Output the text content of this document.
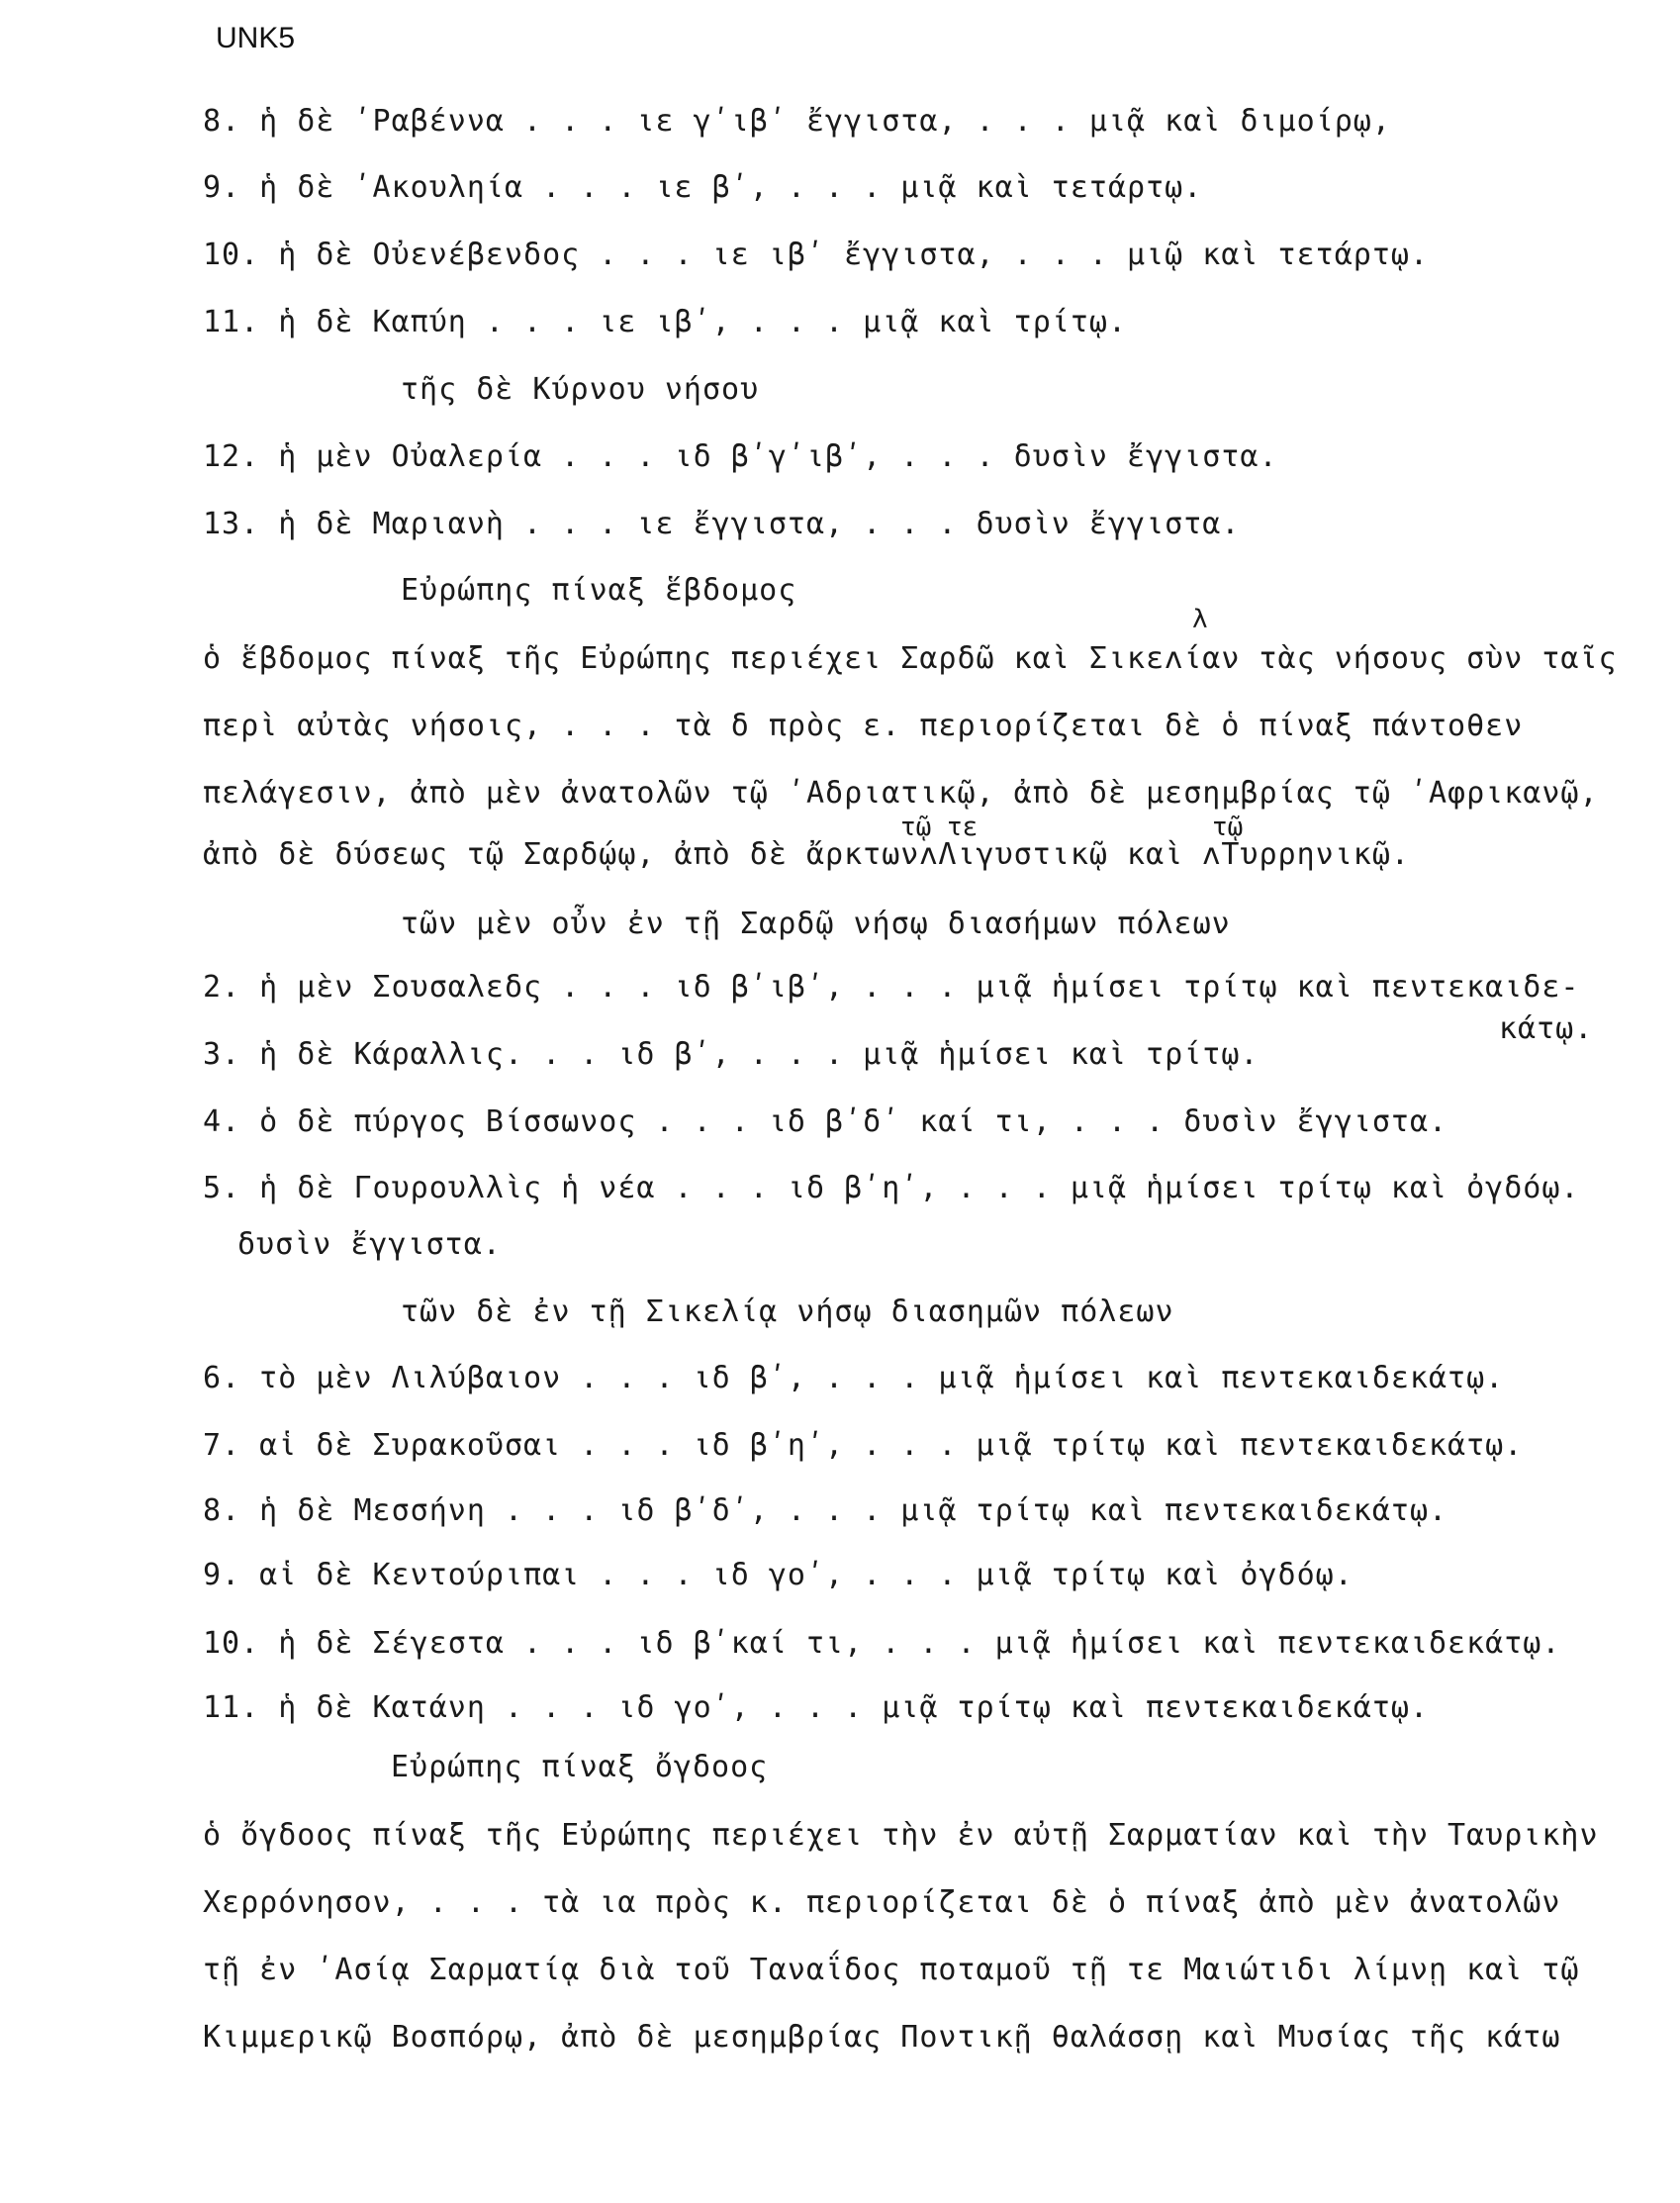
UNK5
8. ἡ δὲ ʹΡαβέννα . . . ιε γʹιβʹ ἔγγιστα, . . . μιᾷ καὶ διμοίρῳ,
9. ἡ δὲ ʹΑκουληία . . . ιε βʹ, . . . μιᾷ καὶ τετάρτῳ.
10. ἡ δὲ Οὐενέβενδος . . . ιε ιβʹ ἔγγιστα, . . . μιῷ καὶ τετάρτῳ.
11. ἡ δὲ Καπύη . . . ιε ιβʹ, . . . μιᾷ καὶ τρίτῳ.
τῆς δὲ Κύρνου νήσου
12. ἡ μὲν Οὐαλερία . . . ιδ βʹγʹιβʹ, . . . δυσὶν ἔγγιστα.
13. ἡ δὲ Μαριανὴ . . . ιε ἔγγιστα, . . . δυσὶν ἔγγιστα.
Εὐρώπης πίναξ ἕβδομος
λ
ὁ ἕβδομος πίναξ τῆς Εὐρώπης περιέχει Σαρδῶ καὶ Σικεʌίαν τὰς νήσους σὺν ταῖς
περὶ αὐτὰς νήσοις, . . . τὰ δ πρὸς ε. περιορίζεται δὲ ὁ πίναξ πάντοθεν
πελάγεσιν, ἀπὸ μὲν ἀνατολῶν τῷ ʹΑδριατικῷ, ἀπὸ δὲ μεσημβρίας τῷ ʹΑφρικανῷ,
τῷ τε	τῷ
ἀπὸ δὲ δύσεως τῷ Σαρδῴῳ, ἀπὸ δὲ ἄρκτωνʌΛιγυστικῷ καὶ ʌΤυρρηνικῷ.
τῶν μὲν οὖν ἐν τῇ Σαρδῷ νήσῳ διασήμων πόλεων
2. ἡ μὲν Σουσαλεδς . . . ιδ βʹιβʹ, . . . μιᾷ ἡμίσει τρίτῳ καὶ πεντεκαιδε-
κάτῳ.
3. ἡ δὲ Κάραλλις. . . ιδ βʹ, . . . μιᾷ ἡμίσει καὶ τρίτῳ.
4. ὁ δὲ πύργος Βίσσωνος . . . ιδ βʹδʹ καί τι, . . . δυσὶν ἔγγιστα.
5. ἡ δὲ Γουρουλλὶς ἡ νέα . . . ιδ βʹηʹ, . . . μιᾷ ἡμίσει τρίτῳ καὶ ὀγδόῳ.
δυσὶν ἔγγιστα.
τῶν δὲ ἐν τῇ Σικελίᾳ νήσῳ διασημῶν πόλεων
6. τὸ μὲν Λιλύβαιον . . . ιδ βʹ, . . . μιᾷ ἡμίσει καὶ πεντεκαιδεκάτῳ.
7. αἱ δὲ Συρακοῦσαι . . . ιδ βʹηʹ, . . . μιᾷ τρίτῳ καὶ πεντεκαιδεκάτῳ.
8. ἡ δὲ Μεσσήνη . . . ιδ βʹδʹ, . . . μιᾷ τρίτῳ καὶ πεντεκαιδεκάτῳ.
9. αἱ δὲ Κεντούριπαι . . . ιδ γοʹ, . . . μιᾷ τρίτῳ καὶ ὀγδόῳ.
10. ἡ δὲ Σέγεστα . . . ιδ βʹκαί τι, . . . μιᾷ ἡμίσει καὶ πεντεκαιδεκάτῳ.
11. ἡ δὲ Κατάνη . . . ιδ γοʹ, . . . μιᾷ τρίτῳ καὶ πεντεκαιδεκάτῳ.
Εὐρώπης πίναξ ὄγδοος
ὁ ὄγδοος πίναξ τῆς Εὐρώπης περιέχει τὴν ἐν αὐτῇ Σαρματίαν καὶ τὴν Ταυρικὴν
Χερρόνησον, . . . τὰ ια πρὸς κ. περιορίζεται δὲ ὁ πίναξ ἀπὸ μὲν ἀνατολῶν
τῇ ἐν ʹΑσίᾳ Σαρματίᾳ διὰ τοῦ Ταναΐδος ποταμοῦ τῇ τε Μαιώτιδι λίμνῃ καὶ τῷ
Κιμμερικῷ Βοσπόρῳ, ἀπὸ δὲ μεσημβρίας Ποντικῇ θαλάσσῃ καὶ Μυσίας τῆς κάτω
